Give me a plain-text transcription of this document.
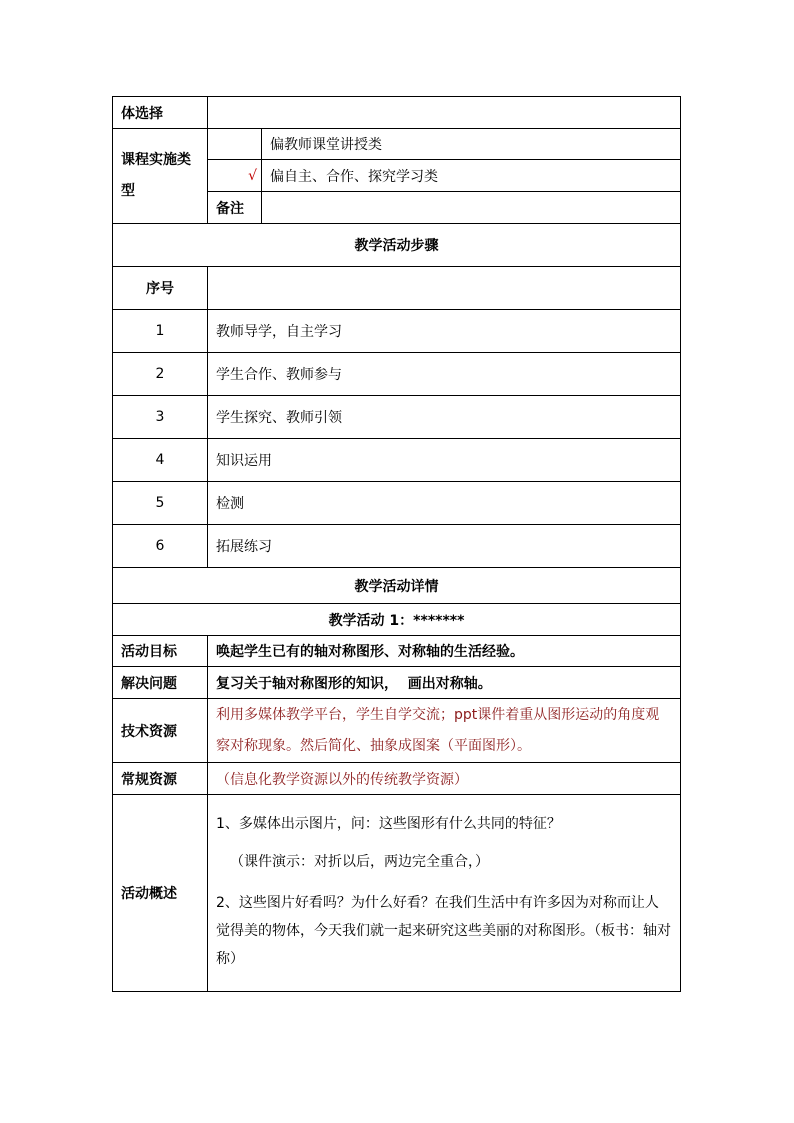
体选择		
课程实施类型		偏教师课堂讲授类
	√	偏自主、合作、探究学习类
	备注	
教学活动步骤		
序号		
1	教师导学，自主学习	
2	学生合作、教师参与	
3	学生探究、教师引领	
4	知识运用	
5	检测	
6	拓展练习	
教学活动详情		
教学活动 1：*******		
活动目标	唤起学生已有的轴对称图形、对称轴的生活经验。	
解决问题	复习关于轴对称图形的知识，  画出对称轴。	
技术资源	利用多媒体教学平台，学生自学交流；ppt课件着重从图形运动的角度观察对称现象。然后简化、抽象成图案（平面图形）。	
常规资源	（信息化教学资源以外的传统教学资源）	
活动概述	1、多媒体出示图片，问：这些图形有什么共同的特征？

（课件演示：对折以后，两边完全重合，）

2、这些图片好看吗？为什么好看？在我们生活中有许多因为对称而让人觉得美的物体，今天我们就一起来研究这些美丽的对称图形。（板书：轴对称）	
